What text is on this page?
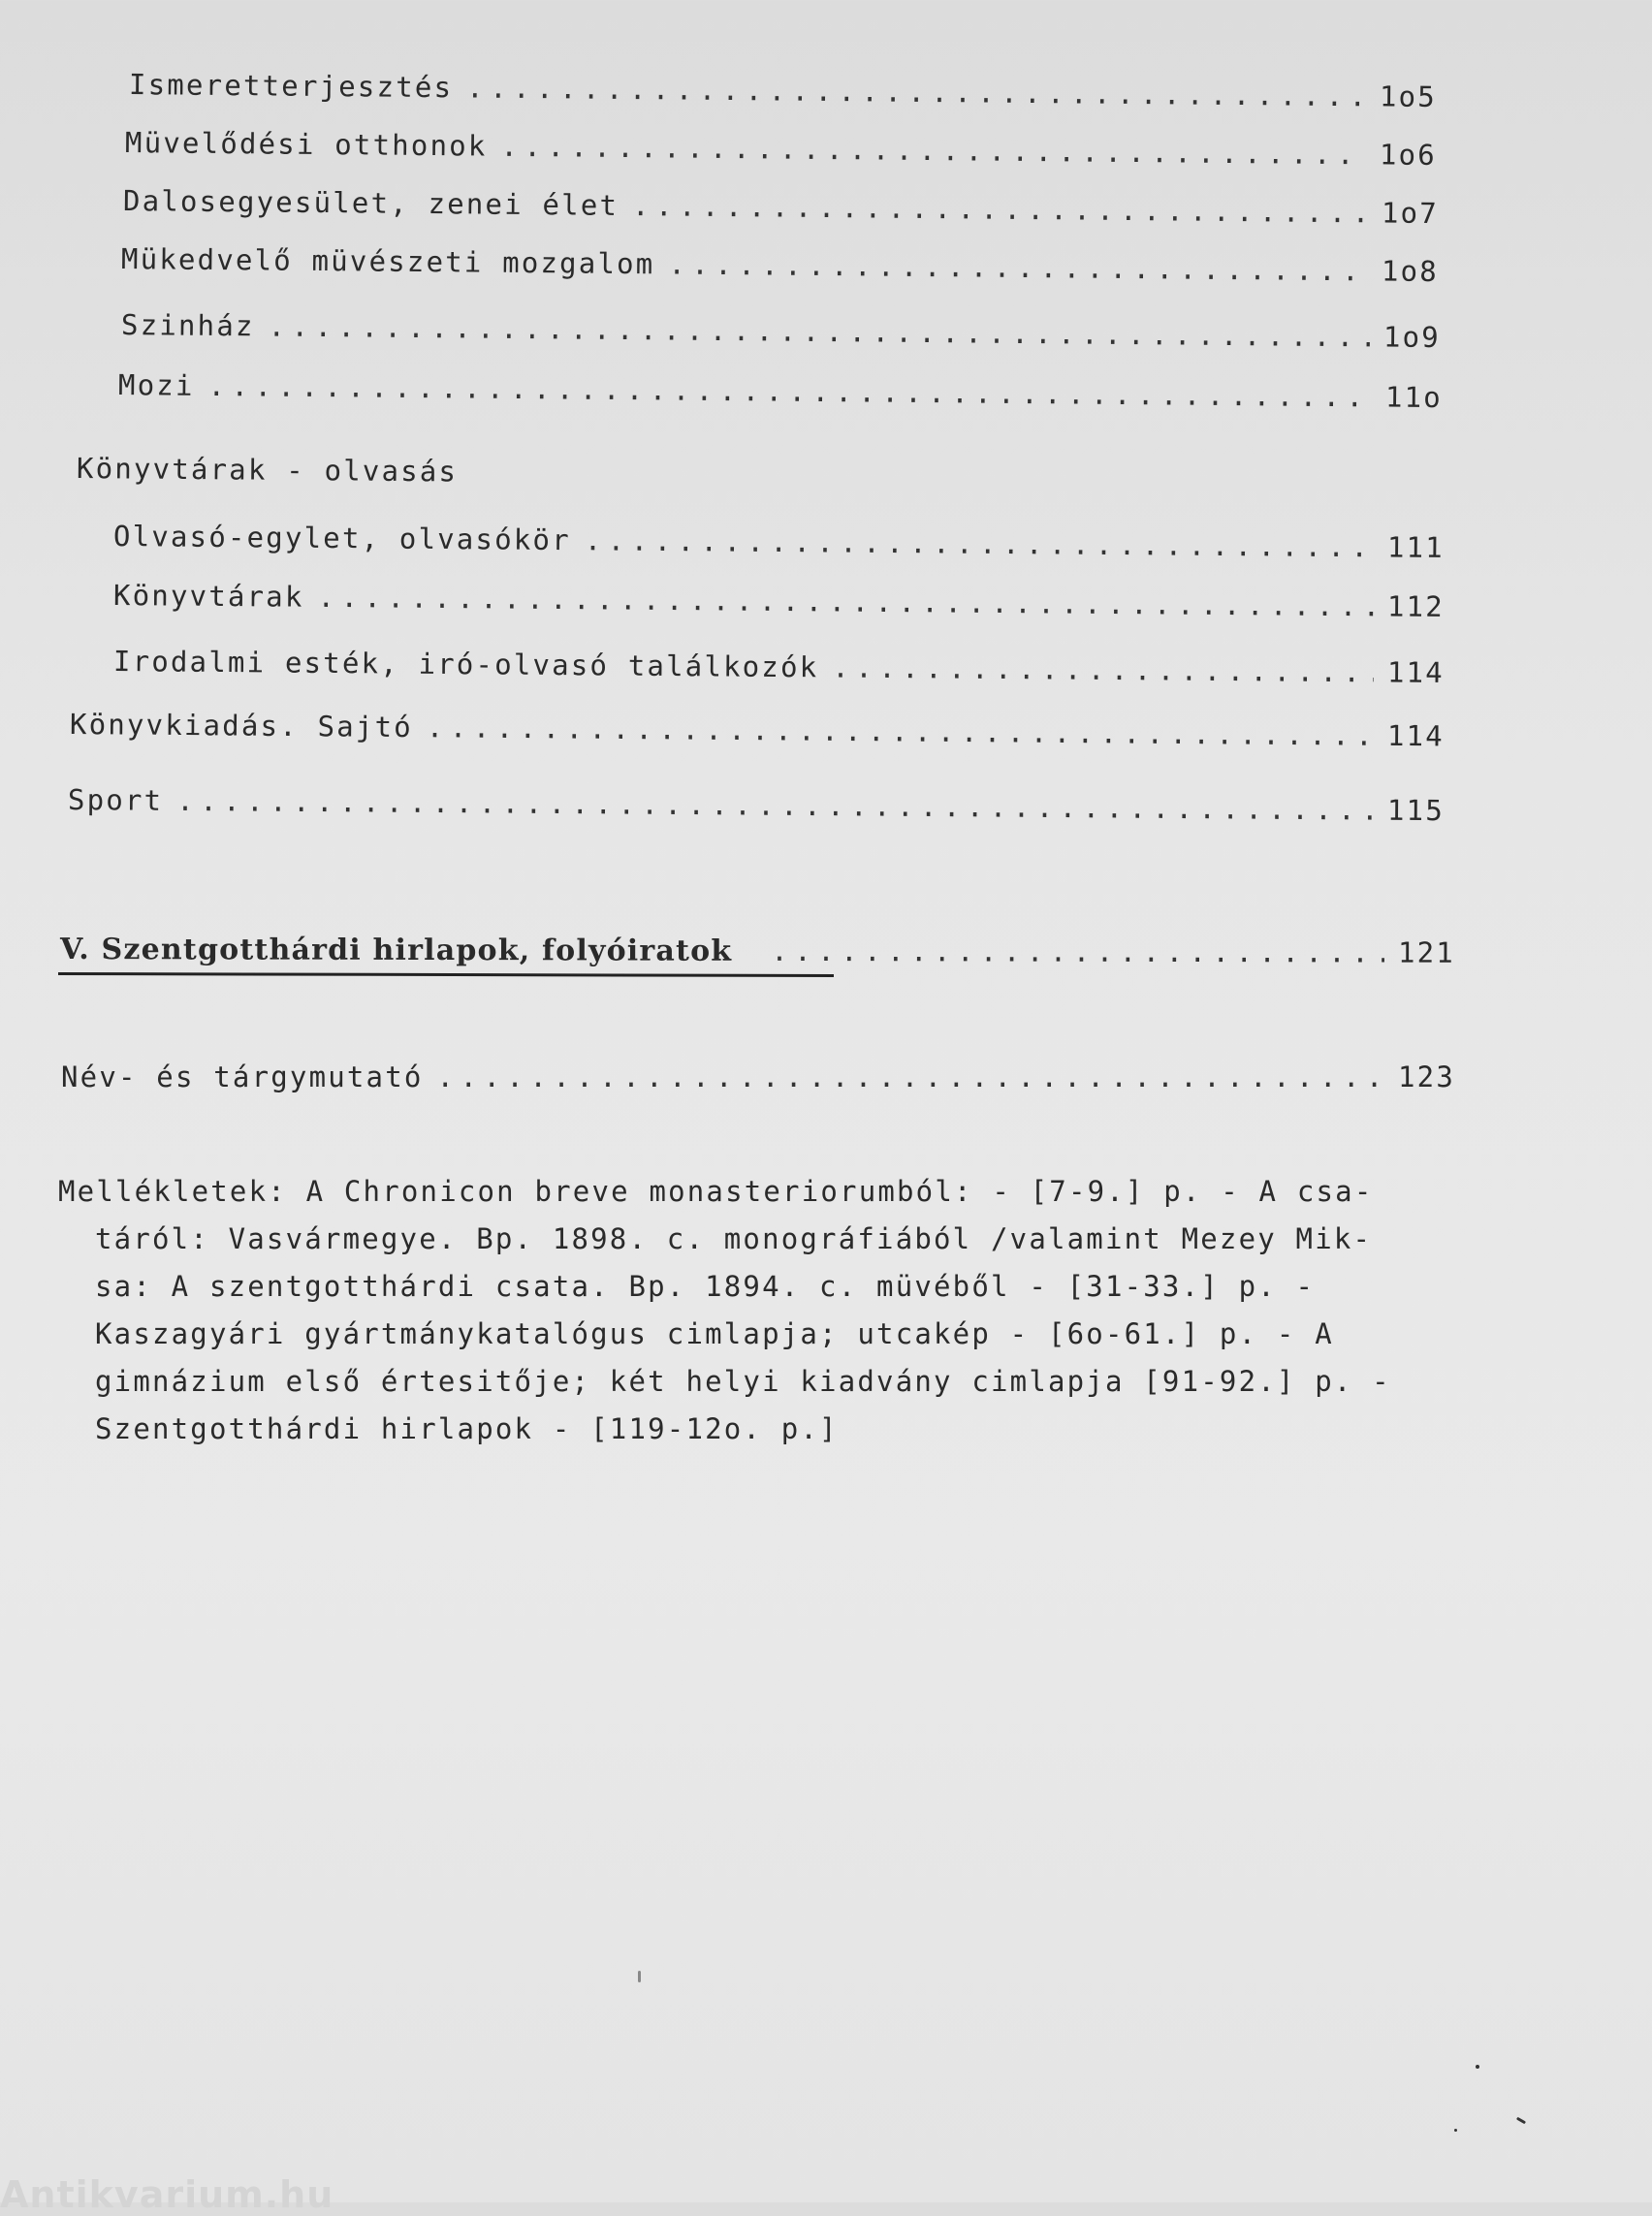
Ismeretterjesztés .....	1o5
Müvelődési otthonok .....	1o6
Dalosegyesület, zenei élet .....	1o7
Mükedvelő müvészeti mozgalom .....	1o8
Szinház .....	1o9
Mozi .....	11o
Könyvtárak - olvasás
Olvasó-egylet, olvasókör .....	111
Könyvtárak .....	112
Irodalmi esték, iró-olvasó találkozók .....	114
Könyvkiadás. Sajtó .....	114
Sport .....	115
V. Szentgotthárdi hirlapok, folyóiratok .....	121
Név- és tárgymutató .....	123
Mellékletek: A Chronicon breve monasteriorumból: - [7-9.] p. - A csa-
táról: Vasvármegye. Bp. 1898. c. monográfiából /valamint Mezey Mik-
sa: A szentgotthárdi csata. Bp. 1894. c. müvéből - [31-33.] p. -
Kaszagyári gyártmánykatalógus cimlapja; utcakép - [6o-61.] p. - A
gimnázium első értesitője; két helyi kiadvány cimlapja [91-92.] p. -
Szentgotthárdi hirlapok - [119-12o. p.]
Antikvarium.hu
